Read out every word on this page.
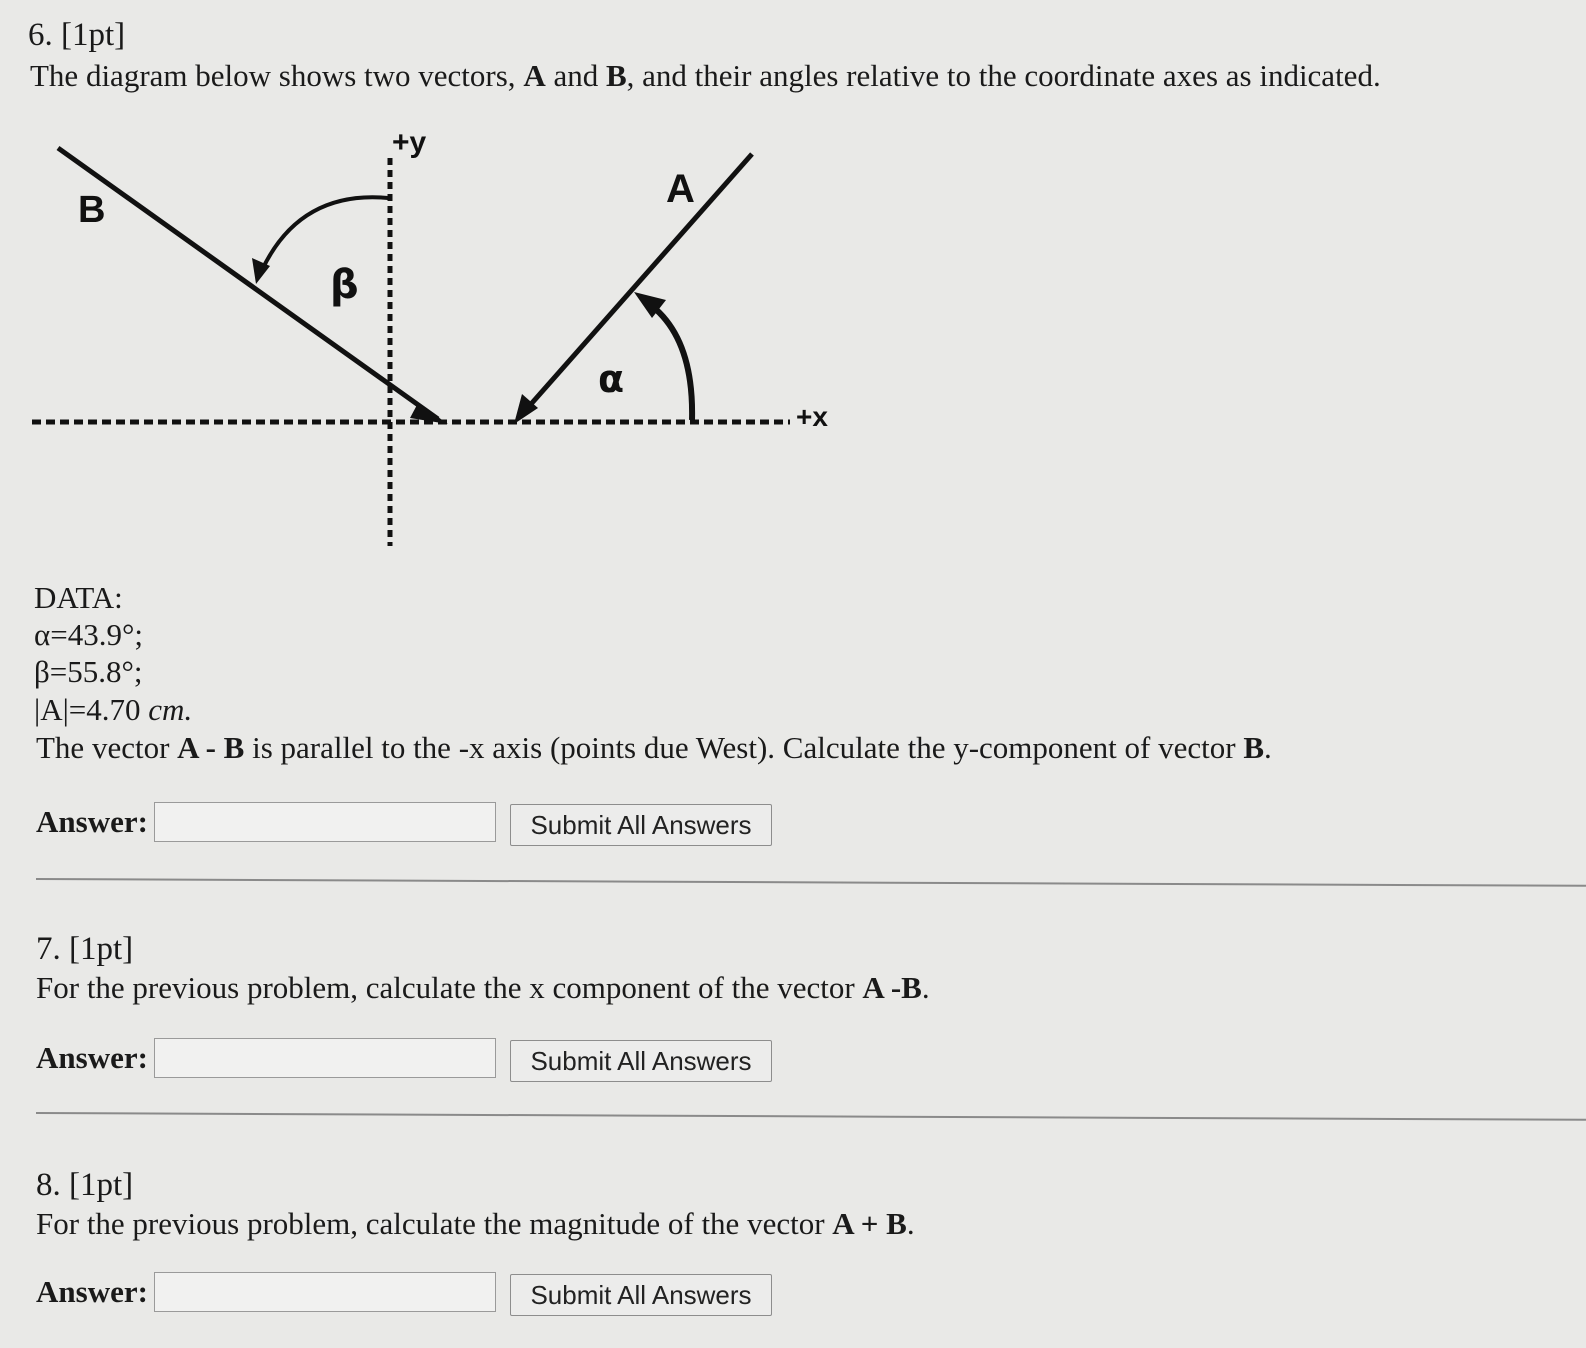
6. [1pt]
The diagram below shows two vectors, A and B, and their angles relative to the coordinate axes as indicated.
+y
+x
A
B
α
β
DATA:
α=43.9°;
β=55.8°;
|A|=4.70 cm.
The vector A - B is parallel to the -x axis (points due West). Calculate the y-component of vector B.
Answer:	Submit All Answers
7. [1pt]
For the previous problem, calculate the x component of the vector A -B.
Answer:	Submit All Answers
8. [1pt]
For the previous problem, calculate the magnitude of the vector A + B.
Answer:	Submit All Answers
